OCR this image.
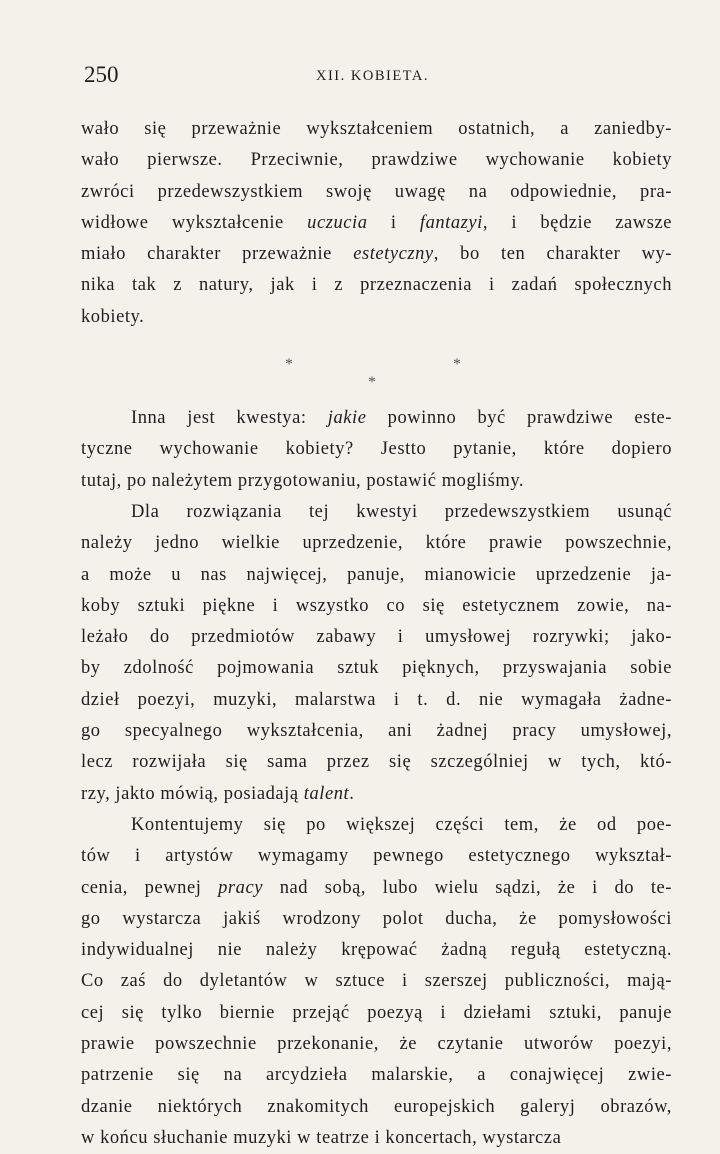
250	XII. KOBIETA.
wało się przeważnie wykształceniem ostatnich, a zaniedby-
wało pierwsze. Przeciwnie, prawdziwe wychowanie kobiety
zwróci przedewszystkiem swoję uwagę na odpowiednie, pra-
widłowe wykształcenie uczucia i fantazyi, i będzie zawsze
miało charakter przeważnie estetyczny, bo ten charakter wy-
nika tak z natury, jak i z przeznaczenia i zadań społecznych
kobiety.
*
*
*
Inna jest kwestya: jakie powinno być prawdziwe este-
tyczne wychowanie kobiety? Jestto pytanie, które dopiero
tutaj, po należytem przygotowaniu, postawić mogliśmy.
Dla rozwiązania tej kwestyi przedewszystkiem usunąć
należy jedno wielkie uprzedzenie, które prawie powszechnie,
a może u nas najwięcej, panuje, mianowicie uprzedzenie ja-
koby sztuki piękne i wszystko co się estetycznem zowie, na-
leżało do przedmiotów zabawy i umysłowej rozrywki; jako-
by zdolność pojmowania sztuk pięknych, przyswajania sobie
dzieł poezyi, muzyki, malarstwa i t. d. nie wymagała żadne-
go specyalnego wykształcenia, ani żadnej pracy umysłowej,
lecz rozwijała się sama przez się szczególniej w tych, któ-
rzy, jakto mówią, posiadają talent.
Kontentujemy się po większej części tem, że od poe-
tów i artystów wymagamy pewnego estetycznego wykształ-
cenia, pewnej pracy nad sobą, lubo wielu sądzi, że i do te-
go wystarcza jakiś wrodzony polot ducha, że pomysłowości
indywidualnej nie należy krępować żadną regułą estetyczną.
Co zaś do dyletantów w sztuce i szerszej publiczności, mają-
cej się tylko biernie przejąć poezyą i dziełami sztuki, panuje
prawie powszechnie przekonanie, że czytanie utworów poezyi,
patrzenie się na arcydzieła malarskie, a conajwięcej zwie-
dzanie niektórych znakomitych europejskich galeryj obrazów,
w końcu słuchanie muzyki w teatrze i koncertach, wystarcza
